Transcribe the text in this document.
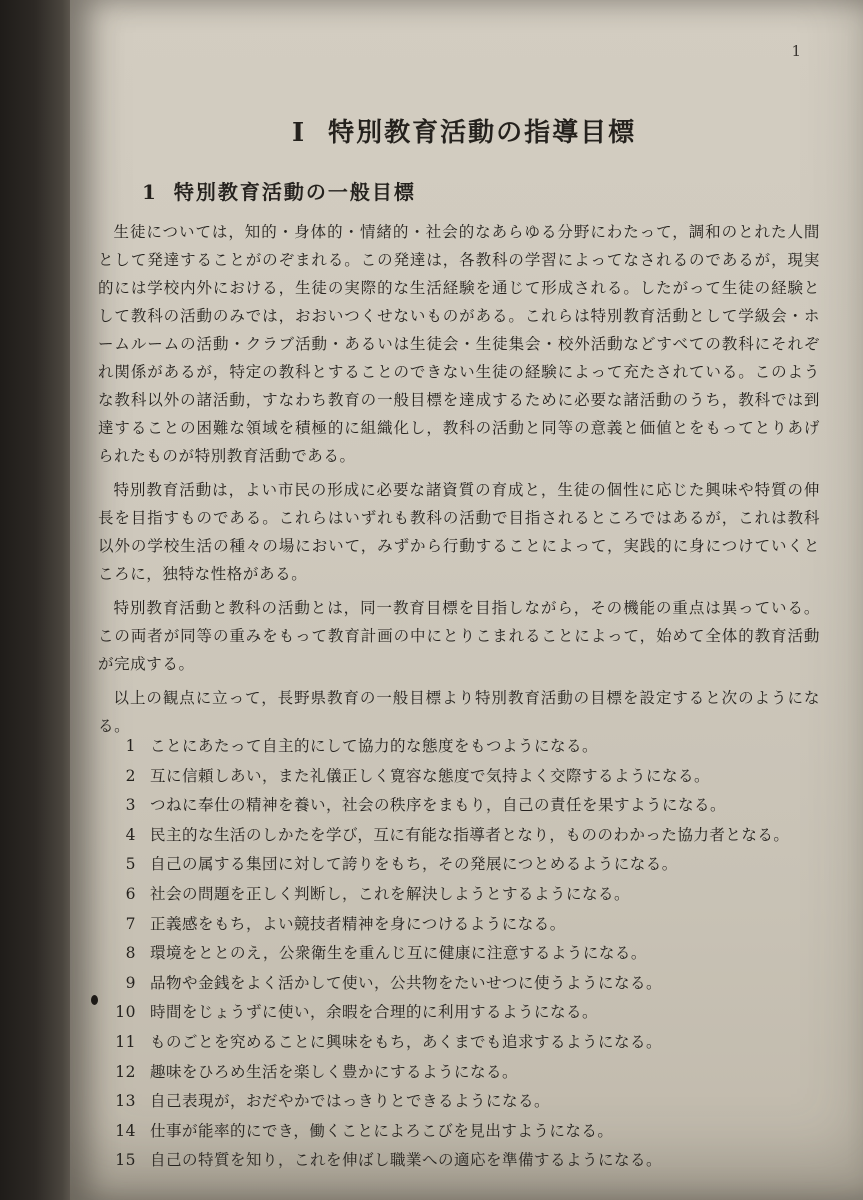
1
I 特別教育活動の指導目標
1 特別教育活動の一般目標

生徒については，知的・身体的・情緒的・社会的なあらゆる分野にわたって，調和のとれた人間として発達することがのぞまれる。この発達は，各教科の学習によってなされるのであるが，現実的には学校内外における，生徒の実際的な生活経験を通じて形成される。したがって生徒の経験として教科の活動のみでは，おおいつくせないものがある。これらは特別教育活動として学級会・ホームルームの活動・クラブ活動・あるいは生徒会・生徒集会・校外活動などすべての教科にそれぞれ関係があるが，特定の教科とすることのできない生徒の経験によって充たされている。このような教科以外の諸活動，すなわち教育の一般目標を達成するために必要な諸活動のうち，教科では到達することの困難な領域を積極的に組織化し，教科の活動と同等の意義と価値とをもってとりあげられたものが特別教育活動である。

特別教育活動は，よい市民の形成に必要な諸資質の育成と，生徒の個性に応じた興味や特質の伸長を目指すものである。これらはいずれも教科の活動で目指されるところではあるが，これは教科以外の学校生活の種々の場において，みずから行動することによって，実践的に身につけていくところに，独特な性格がある。

特別教育活動と教科の活動とは，同一教育目標を目指しながら，その機能の重点は異っている。この両者が同等の重みをもって教育計画の中にとりこまれることによって，始めて全体的教育活動が完成する。

以上の観点に立って，長野県教育の一般目標より特別教育活動の目標を設定すると次のようになる。

1 ことにあたって自主的にして協力的な態度をもつようになる。
2 互に信頼しあい，また礼儀正しく寛容な態度で気持よく交際するようになる。
3 つねに奉仕の精神を養い，社会の秩序をまもり，自己の責任を果すようになる。
4 民主的な生活のしかたを学び，互に有能な指導者となり，もののわかった協力者となる。
5 自己の属する集団に対して誇りをもち，その発展につとめるようになる。
6 社会の問題を正しく判断し，これを解決しようとするようになる。
7 正義感をもち，よい競技者精神を身につけるようになる。
8 環境をととのえ，公衆衛生を重んじ互に健康に注意するようになる。
9 品物や金銭をよく活かして使い，公共物をたいせつに使うようになる。
10 時間をじょうずに使い，余暇を合理的に利用するようになる。
11 ものごとを究めることに興味をもち，あくまでも追求するようになる。
12 趣味をひろめ生活を楽しく豊かにするようになる。
13 自己表現が，おだやかではっきりとできるようになる。
14 仕事が能率的にでき，働くことによろこびを見出すようになる。
15 自己の特質を知り，これを伸ばし職業への適応を準備するようになる。
